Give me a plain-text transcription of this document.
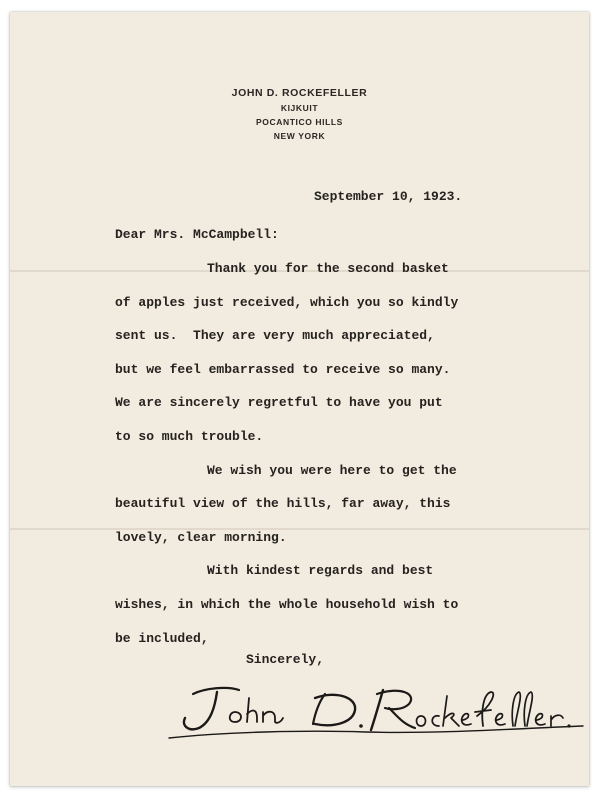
JOHN D. ROCKEFELLER
KIJKUIT
POCANTICO HILLS
NEW YORK
September 10, 1923.
Dear Mrs. McCampbell:
Thank you for the second basket
of apples just received, which you so kindly
sent us.  They are very much appreciated,
but we feel embarrassed to receive so many.
We are sincerely regretful to have you put
to so much trouble.
We wish you were here to get the
beautiful view of the hills, far away, this
lovely, clear morning.
With kindest regards and best
wishes, in which the whole household wish to
be included,
Sincerely,
